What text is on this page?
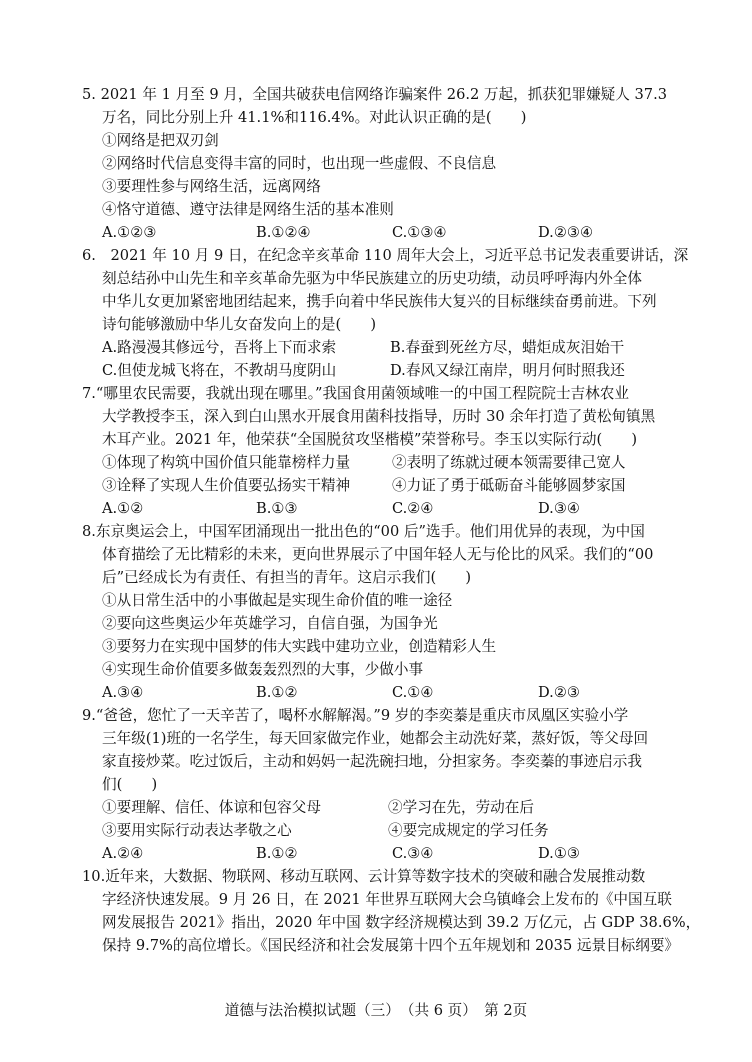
5. 2021 年 1 月至 9 月，全国共破获电信网络诈骗案件 26.2 万起，抓获犯罪嫌疑人 37.3
万名，同比分别上升 41.1%和116.4%。对此认识正确的是(　　)
①网络是把双刃剑
②网络时代信息变得丰富的同时，也出现一些虚假、不良信息
③要理性参与网络生活，远离网络
④恪守道德、遵守法律是网络生活的基本准则
A.①②③	B.①②④	C.①③④	D.②③④
6.　2021 年 10 月 9 日，在纪念辛亥革命 110 周年大会上，习近平总书记发表重要讲话，深
刻总结孙中山先生和辛亥革命先驱为中华民族建立的历史功绩，动员呼呼海内外全体
中华儿女更加紧密地团结起来，携手向着中华民族伟大复兴的目标继续奋勇前进。下列
诗句能够激励中华儿女奋发向上的是(　　)
A.路漫漫其修远兮，吾将上下而求索	B.春蚕到死丝方尽，蜡炬成灰泪始干
C.但使龙城飞将在，不教胡马度阴山	D.春风又绿江南岸，明月何时照我还
7.“哪里农民需要，我就出现在哪里。”我国食用菌领域唯一的中国工程院院士吉林农业
大学教授李玉，深入到白山黑水开展食用菌科技指导，历时 30 余年打造了黄松甸镇黑
木耳产业。2021 年，他荣获“全国脱贫攻坚楷模”荣誉称号。李玉以实际行动(　　)
①体现了构筑中国价值只能靠榜样力量	②表明了练就过硬本领需要律己宽人
③诠释了实现人生价值要弘扬实干精神	④力证了勇于砥砺奋斗能够圆梦家国
A.①②	B.①③	C.②④	D.③④
8.东京奥运会上，中国军团涌现出一批出色的“00 后”选手。他们用优异的表现，为中国
体育描绘了无比精彩的未来，更向世界展示了中国年轻人无与伦比的风采。我们的“00
后”已经成长为有责任、有担当的青年。这启示我们(　　)
①从日常生活中的小事做起是实现生命价值的唯一途径
②要向这些奥运少年英雄学习，自信自强，为国争光
③要努力在实现中国梦的伟大实践中建功立业，创造精彩人生
④实现生命价值要多做轰轰烈烈的大事，少做小事
A.③④	B.①②	C.①④	D.②③
9.“爸爸，您忙了一天辛苦了，喝杯水解解渴。”9 岁的李奕蓁是重庆市凤凰区实验小学
三年级(1)班的一名学生，每天回家做完作业，她都会主动洗好菜，蒸好饭，等父母回
家直接炒菜。吃过饭后，主动和妈妈一起洗碗扫地，分担家务。李奕蓁的事迹启示我
们(　　)
①要理解、信任、体谅和包容父母	②学习在先，劳动在后
③要用实际行动表达孝敬之心	④要完成规定的学习任务
A.②④	B.①②	C.③④	D.①③
10.近年来，大数据、物联网、移动互联网、云计算等数字技术的突破和融合发展推动数
字经济快速发展。9 月 26 日，在 2021 年世界互联网大会乌镇峰会上发布的《中国互联
网发展报告 2021》指出，2020 年中国 数字经济规模达到 39.2 万亿元，占 GDP 38.6%，
保持 9.7%的高位增长。《国民经济和社会发展第十四个五年规划和 2035 远景目标纲要》
道德与法治模拟试题（三）　 （共 6 页）　 第 2页
